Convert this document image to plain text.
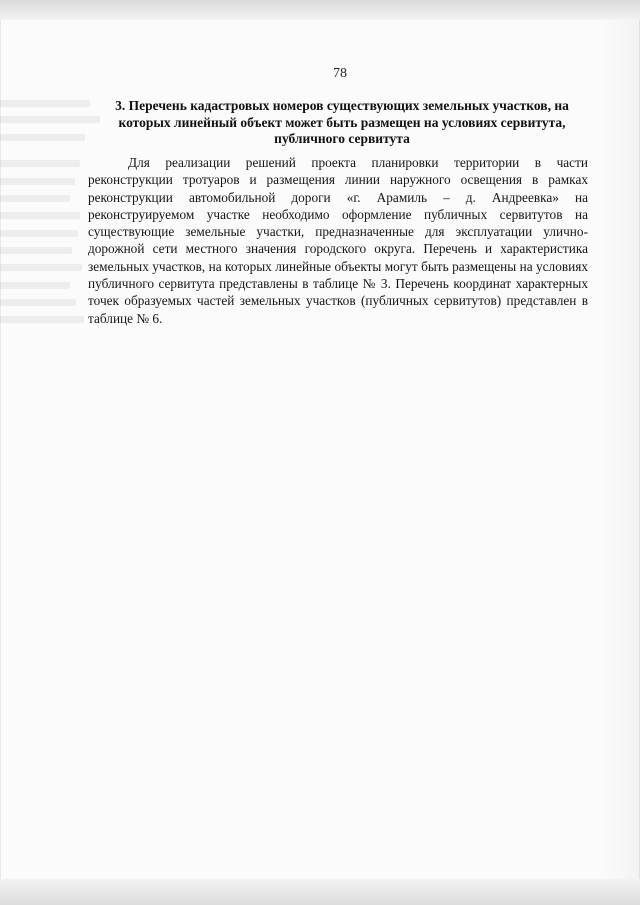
78
3. Перечень кадастровых номеров существующих земельных участков, на которых линейный объект может быть размещен на условиях сервитута, публичного сервитута
Для реализации решений проекта планировки территории в части реконструкции тротуаров и размещения линии наружного освещения в рамках реконструкции автомобильной дороги «г. Арамиль – д. Андреевка» на реконструируемом участке необходимо оформление публичных сервитутов на существующие земельные участки, предназначенные для эксплуатации улично-дорожной сети местного значения городского округа. Перечень и характеристика земельных участков, на которых линейные объекты могут быть размещены на условиях публичного сервитута представлены в таблице № 3. Перечень координат характерных точек образуемых частей земельных участков (публичных сервитутов) представлен в таблице № 6.
